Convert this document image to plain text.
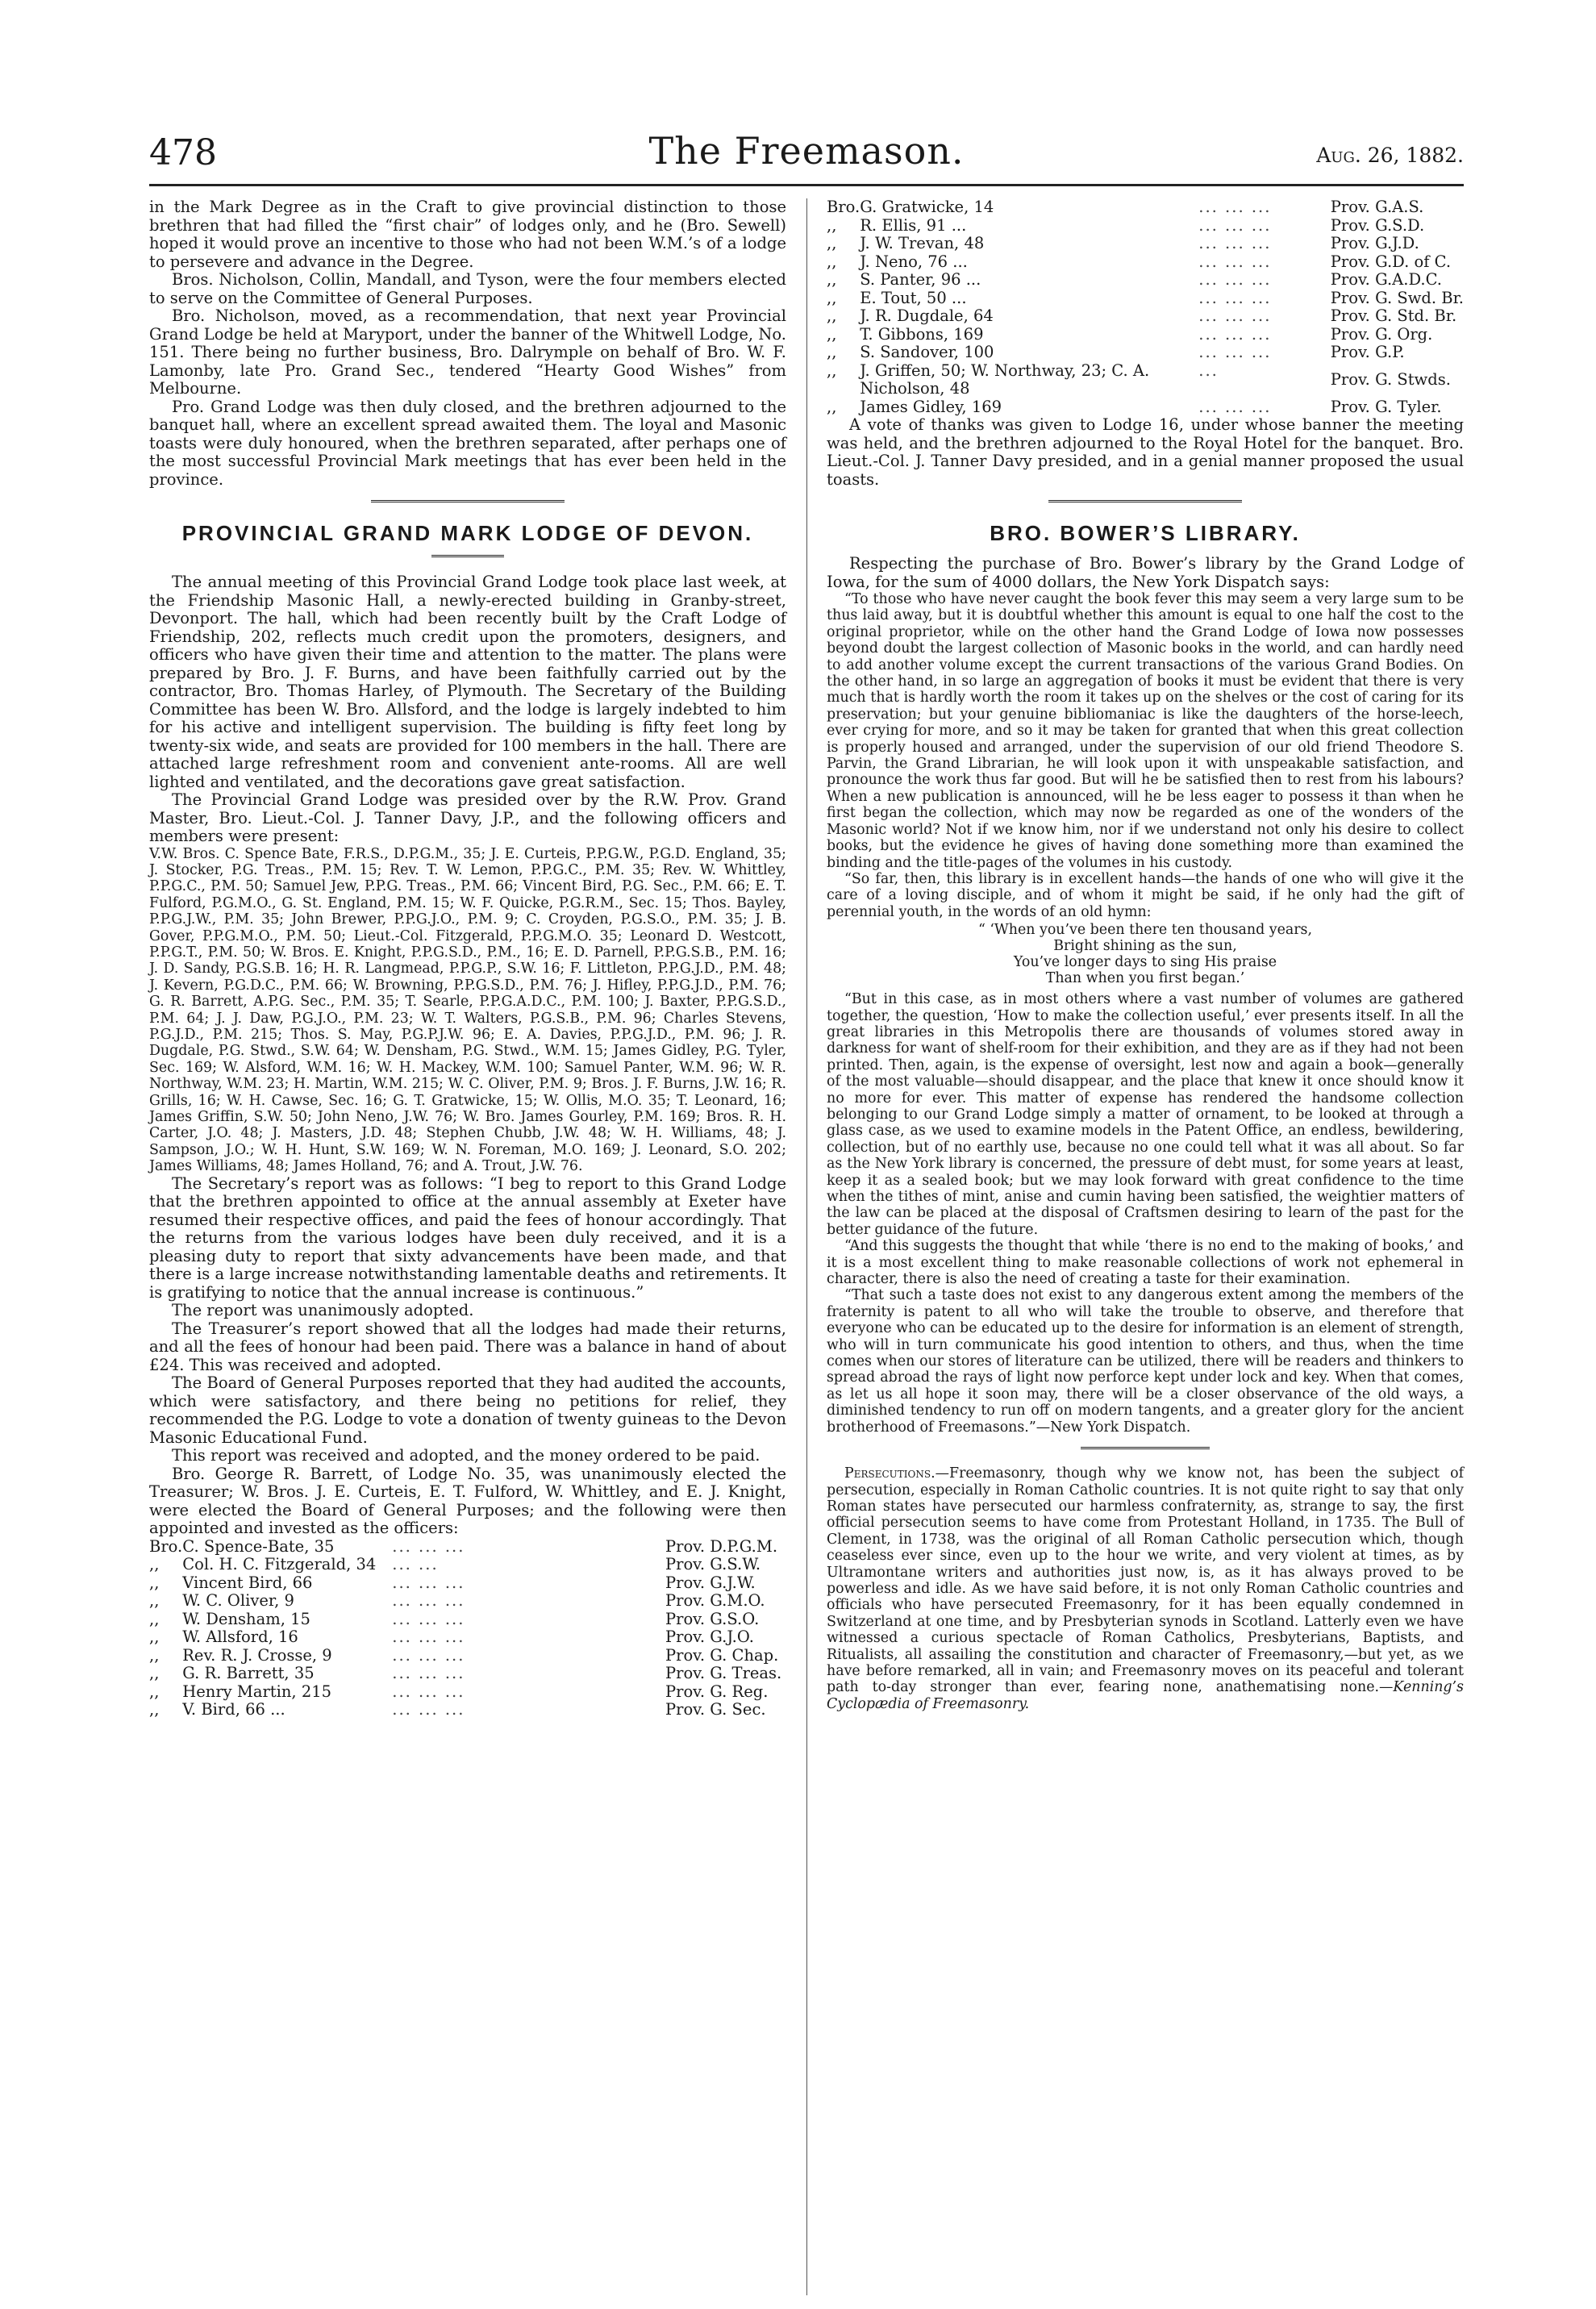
478	The Freemason.	Aug. 26, 1882.

in the Mark Degree as in the Craft to give provincial distinction to those brethren that had filled the “first chair” of lodges only, and he (Bro. Sewell) hoped it would prove an incentive to those who had not been W.M.’s of a lodge to persevere and advance in the Degree.

Bros. Nicholson, Collin, Mandall, and Tyson, were the four members elected to serve on the Committee of General Purposes.

Bro. Nicholson, moved, as a recommendation, that next year Provincial Grand Lodge be held at Maryport, under the banner of the Whitwell Lodge, No. 151. There being no further business, Bro. Dalrymple on behalf of Bro. W. F. Lamonby, late Pro. Grand Sec., tendered “Hearty Good Wishes” from Melbourne.

Pro. Grand Lodge was then duly closed, and the brethren adjourned to the banquet hall, where an excellent spread awaited them. The loyal and Masonic toasts were duly honoured, when the brethren separated, after perhaps one of the most successful Provincial Mark meetings that has ever been held in the province.

PROVINCIAL GRAND MARK LODGE OF DEVON.

The annual meeting of this Provincial Grand Lodge took place last week, at the Friendship Masonic Hall, a newly-erected building in Granby-street, Devonport. The hall, which had been recently built by the Craft Lodge of Friendship, 202, reflects much credit upon the promoters, designers, and officers who have given their time and attention to the matter. The plans were prepared by Bro. J. F. Burns, and have been faithfully carried out by the contractor, Bro. Thomas Harley, of Plymouth. The Secretary of the Building Committee has been W. Bro. Allsford, and the lodge is largely indebted to him for his active and intelligent supervision. The building is fifty feet long by twenty-six wide, and seats are provided for 100 members in the hall. There are attached large refreshment room and convenient ante-rooms. All are well lighted and ventilated, and the decorations gave great satisfaction.

The Provincial Grand Lodge was presided over by the R.W. Prov. Grand Master, Bro. Lieut.-Col. J. Tanner Davy, J.P., and the following officers and members were present:

V.W. Bros. C. Spence Bate, F.R.S., D.P.G.M., 35; J. E. Curteis, P.P.G.W., P.G.D. England, 35; J. Stocker, P.G. Treas., P.M. 15; Rev. T. W. Lemon, P.P.G.C., P.M. 35; Rev. W. Whittley, P.P.G.C., P.M. 50; Samuel Jew, P.P.G. Treas., P.M. 66; Vincent Bird, P.G. Sec., P.M. 66; E. T. Fulford, P.G.M.O., G. St. England, P.M. 15; W. F. Quicke, P.G.R.M., Sec. 15; Thos. Bayley, P.P.G.J.W., P.M. 35; John Brewer, P.P.G.J.O., P.M. 9; C. Croyden, P.G.S.O., P.M. 35; J. B. Gover, P.P.G.M.O., P.M. 50; Lieut.-Col. Fitzgerald, P.P.G.M.O. 35; Leonard D. Westcott, P.P.G.T., P.M. 50; W. Bros. E. Knight, P.P.G.S.D., P.M., 16; E. D. Parnell, P.P.G.S.B., P.M. 16; J. D. Sandy, P.G.S.B. 16; H. R. Langmead, P.P.G.P., S.W. 16; F. Littleton, P.P.G.J.D., P.M. 48; J. Kevern, P.G.D.C., P.M. 66; W. Browning, P.P.G.S.D., P.M. 76; J. Hifley, P.P.G.J.D., P.M. 76; G. R. Barrett, A.P.G. Sec., P.M. 35; T. Searle, P.P.G.A.D.C., P.M. 100; J. Baxter, P.P.G.S.D., P.M. 64; J. J. Daw, P.G.J.O., P.M. 23; W. T. Walters, P.G.S.B., P.M. 96; Charles Stevens, P.G.J.D., P.M. 215; Thos. S. May, P.G.P.J.W. 96; E. A. Davies, P.P.G.J.D., P.M. 96; J. R. Dugdale, P.G. Stwd., S.W. 64; W. Densham, P.G. Stwd., W.M. 15; James Gidley, P.G. Tyler, Sec. 169; W. Alsford, W.M. 16; W. H. Mackey, W.M. 100; Samuel Panter, W.M. 96; W. R. Northway, W.M. 23; H. Martin, W.M. 215; W. C. Oliver, P.M. 9; Bros. J. F. Burns, J.W. 16; R. Grills, 16; W. H. Cawse, Sec. 16; G. T. Gratwicke, 15; W. Ollis, M.O. 35; T. Leonard, 16; James Griffin, S.W. 50; John Neno, J.W. 76; W. Bro. James Gourley, P.M. 169; Bros. R. H. Carter, J.O. 48; J. Masters, J.D. 48; Stephen Chubb, J.W. 48; W. H. Williams, 48; J. Sampson, J.O.; W. H. Hunt, S.W. 169; W. N. Foreman, M.O. 169; J. Leonard, S.O. 202; James Williams, 48; James Holland, 76; and A. Trout, J.W. 76.

The Secretary’s report was as follows: “I beg to report to this Grand Lodge that the brethren appointed to office at the annual assembly at Exeter have resumed their respective offices, and paid the fees of honour accordingly. That the returns from the various lodges have been duly received, and it is a pleasing duty to report that sixty advancements have been made, and that there is a large increase notwithstanding lamentable deaths and retirements. It is gratifying to notice that the annual increase is continuous.”

The report was unanimously adopted.

The Treasurer’s report showed that all the lodges had made their returns, and all the fees of honour had been paid. There was a balance in hand of about £24. This was received and adopted.

The Board of General Purposes reported that they had audited the accounts, which were satisfactory, and there being no petitions for relief, they recommended the P.G. Lodge to vote a donation of twenty guineas to the Devon Masonic Educational Fund.

This report was received and adopted, and the money ordered to be paid.

Bro. George R. Barrett, of Lodge No. 35, was unanimously elected the Treasurer; W. Bros. J. E. Curteis, E. T. Fulford, W. Whittley, and E. J. Knight, were elected the Board of General Purposes; and the following were then appointed and invested as the officers:

Bro.	C. Spence-Bate, 35	... ... ...	Prov. D.P.G.M.
,,	Col. H. C. Fitzgerald, 34	... ...	Prov. G.S.W.
,,	Vincent Bird, 66	... ... ...	Prov. G.J.W.
,,	W. C. Oliver, 9	... ... ...	Prov. G.M.O.
,,	W. Densham, 15	... ... ...	Prov. G.S.O.
,,	W. Allsford, 16	... ... ...	Prov. G.J.O.
,,	Rev. R. J. Crosse, 9	... ... ...	Prov. G. Chap.
,,	G. R. Barrett, 35	... ... ...	Prov. G. Treas.
,,	Henry Martin, 215	... ... ...	Prov. G. Reg.
,,	V. Bird, 66 ...	... ... ...	Prov. G. Sec.
Bro.	G. Gratwicke, 14	... ... ...	Prov. G.A.S.
,,	R. Ellis, 91 ...	... ... ...	Prov. G.S.D.
,,	J. W. Trevan, 48	... ... ...	Prov. G.J.D.
,,	J. Neno, 76 ...	... ... ...	Prov. G.D. of C.
,,	S. Panter, 96 ...	... ... ...	Prov. G.A.D.C.
,,	E. Tout, 50 ...	... ... ...	Prov. G. Swd. Br.
,,	J. R. Dugdale, 64	... ... ...	Prov. G. Std. Br.
,,	T. Gibbons, 169	... ... ...	Prov. G. Org.
,,	S. Sandover, 100	... ... ...	Prov. G.P.
,,	J. Griffen, 50; W. Northway, 23; C. A. Nicholson, 48	...	Prov. G. Stwds.
,,	James Gidley, 169	... ... ...	Prov. G. Tyler.

A vote of thanks was given to Lodge 16, under whose banner the meeting was held, and the brethren adjourned to the Royal Hotel for the banquet. Bro. Lieut.-Col. J. Tanner Davy presided, and in a genial manner proposed the usual toasts.

BRO. BOWER’S LIBRARY.

Respecting the purchase of Bro. Bower’s library by the Grand Lodge of Iowa, for the sum of 4000 dollars, the New York Dispatch says:

“To those who have never caught the book fever this may seem a very large sum to be thus laid away, but it is doubtful whether this amount is equal to one half the cost to the original proprietor, while on the other hand the Grand Lodge of Iowa now possesses beyond doubt the largest collection of Masonic books in the world, and can hardly need to add another volume except the current transactions of the various Grand Bodies. On the other hand, in so large an aggregation of books it must be evident that there is very much that is hardly worth the room it takes up on the shelves or the cost of caring for its preservation; but your genuine bibliomaniac is like the daughters of the horse-leech, ever crying for more, and so it may be taken for granted that when this great collection is properly housed and arranged, under the supervision of our old friend Theodore S. Parvin, the Grand Librarian, he will look upon it with unspeakable satisfaction, and pronounce the work thus far good. But will he be satisfied then to rest from his labours? When a new publication is announced, will he be less eager to possess it than when he first began the collection, which may now be regarded as one of the wonders of the Masonic world? Not if we know him, nor if we understand not only his desire to collect books, but the evidence he gives of having done something more than examined the binding and the title-pages of the volumes in his custody.

“So far, then, this library is in excellent hands—the hands of one who will give it the care of a loving disciple, and of whom it might be said, if he only had the gift of perennial youth, in the words of an old hymn:

“ ‘When you’ve been there ten thousand years,
Bright shining as the sun,
You’ve longer days to sing His praise
Than when you first began.’

“But in this case, as in most others where a vast number of volumes are gathered together, the question, ‘How to make the collection useful,’ ever presents itself. In all the great libraries in this Metropolis there are thousands of volumes stored away in darkness for want of shelf-room for their exhibition, and they are as if they had not been printed. Then, again, is the expense of oversight, lest now and again a book—generally of the most valuable—should disappear, and the place that knew it once should know it no more for ever. This matter of expense has rendered the handsome collection belonging to our Grand Lodge simply a matter of ornament, to be looked at through a glass case, as we used to examine models in the Patent Office, an endless, bewildering, collection, but of no earthly use, because no one could tell what it was all about. So far as the New York library is concerned, the pressure of debt must, for some years at least, keep it as a sealed book; but we may look forward with great confidence to the time when the tithes of mint, anise and cumin having been satisfied, the weightier matters of the law can be placed at the disposal of Craftsmen desiring to learn of the past for the better guidance of the future.

“And this suggests the thought that while ‘there is no end to the making of books,’ and it is a most excellent thing to make reasonable collections of work not ephemeral in character, there is also the need of creating a taste for their examination.

“That such a taste does not exist to any dangerous extent among the members of the fraternity is patent to all who will take the trouble to observe, and therefore that everyone who can be educated up to the desire for information is an element of strength, who will in turn communicate his good intention to others, and thus, when the time comes when our stores of literature can be utilized, there will be readers and thinkers to spread abroad the rays of light now perforce kept under lock and key. When that comes, as let us all hope it soon may, there will be a closer observance of the old ways, a diminished tendency to run off on modern tangents, and a greater glory for the ancient brotherhood of Freemasons.”—New York Dispatch.

Persecutions.—Freemasonry, though why we know not, has been the subject of persecution, especially in Roman Catholic countries. It is not quite right to say that only Roman states have persecuted our harmless confraternity, as, strange to say, the first official persecution seems to have come from Protestant Holland, in 1735. The Bull of Clement, in 1738, was the original of all Roman Catholic persecution which, though ceaseless ever since, even up to the hour we write, and very violent at times, as by Ultramontane writers and authorities just now, is, as it has always proved to be powerless and idle. As we have said before, it is not only Roman Catholic countries and officials who have persecuted Freemasonry, for it has been equally condemned in Switzerland at one time, and by Presbyterian synods in Scotland. Latterly even we have witnessed a curious spectacle of Roman Catholics, Presbyterians, Baptists, and Ritualists, all assailing the constitution and character of Freemasonry,—but yet, as we have before remarked, all in vain; and Freemasonry moves on its peaceful and tolerant path to-day stronger than ever, fearing none, anathematising none.—Kenning’s Cyclopædia of Freemasonry.
